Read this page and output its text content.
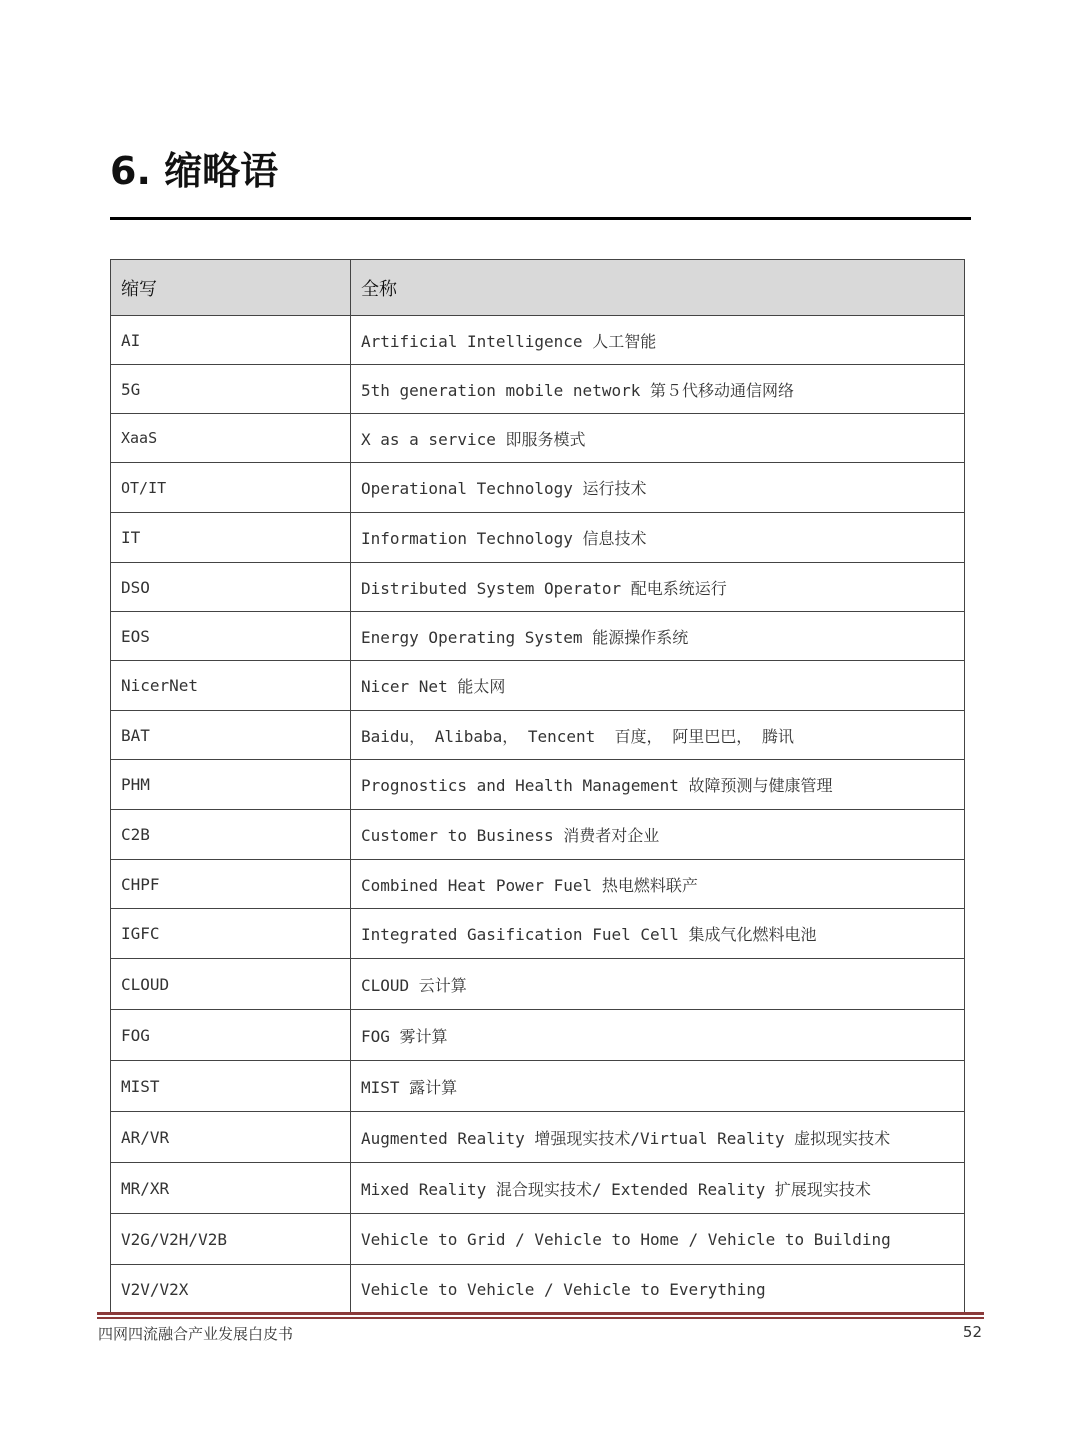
6. 缩略语
缩写	全称
AI	Artificial Intelligence 人工智能
5G	5th generation mobile network 第５代移动通信网络
XaaS	X as a service 即服务模式
OT/IT	Operational Technology 运行技术
IT	Information Technology 信息技术
DSO	Distributed System Operator 配电系统运行
EOS	Energy Operating System 能源操作系统
NicerNet	Nicer Net 能太网
BAT	Baidu， Alibaba， Tencent  百度， 阿里巴巴， 腾讯
PHM	Prognostics and Health Management 故障预测与健康管理
C2B	Customer to Business 消费者对企业
CHPF	Combined Heat Power Fuel 热电燃料联产
IGFC	Integrated Gasification Fuel Cell 集成气化燃料电池
CLOUD	CLOUD 云计算
FOG	FOG 雾计算
MIST	MIST 露计算
AR/VR	Augmented Reality 增强现实技术/Virtual Reality 虚拟现实技术
MR/XR	Mixed Reality 混合现实技术/ Extended Reality 扩展现实技术
V2G/V2H/V2B	Vehicle to Grid / Vehicle to Home / Vehicle to Building
V2V/V2X	Vehicle to Vehicle / Vehicle to Everything
四网四流融合产业发展白皮书	52
